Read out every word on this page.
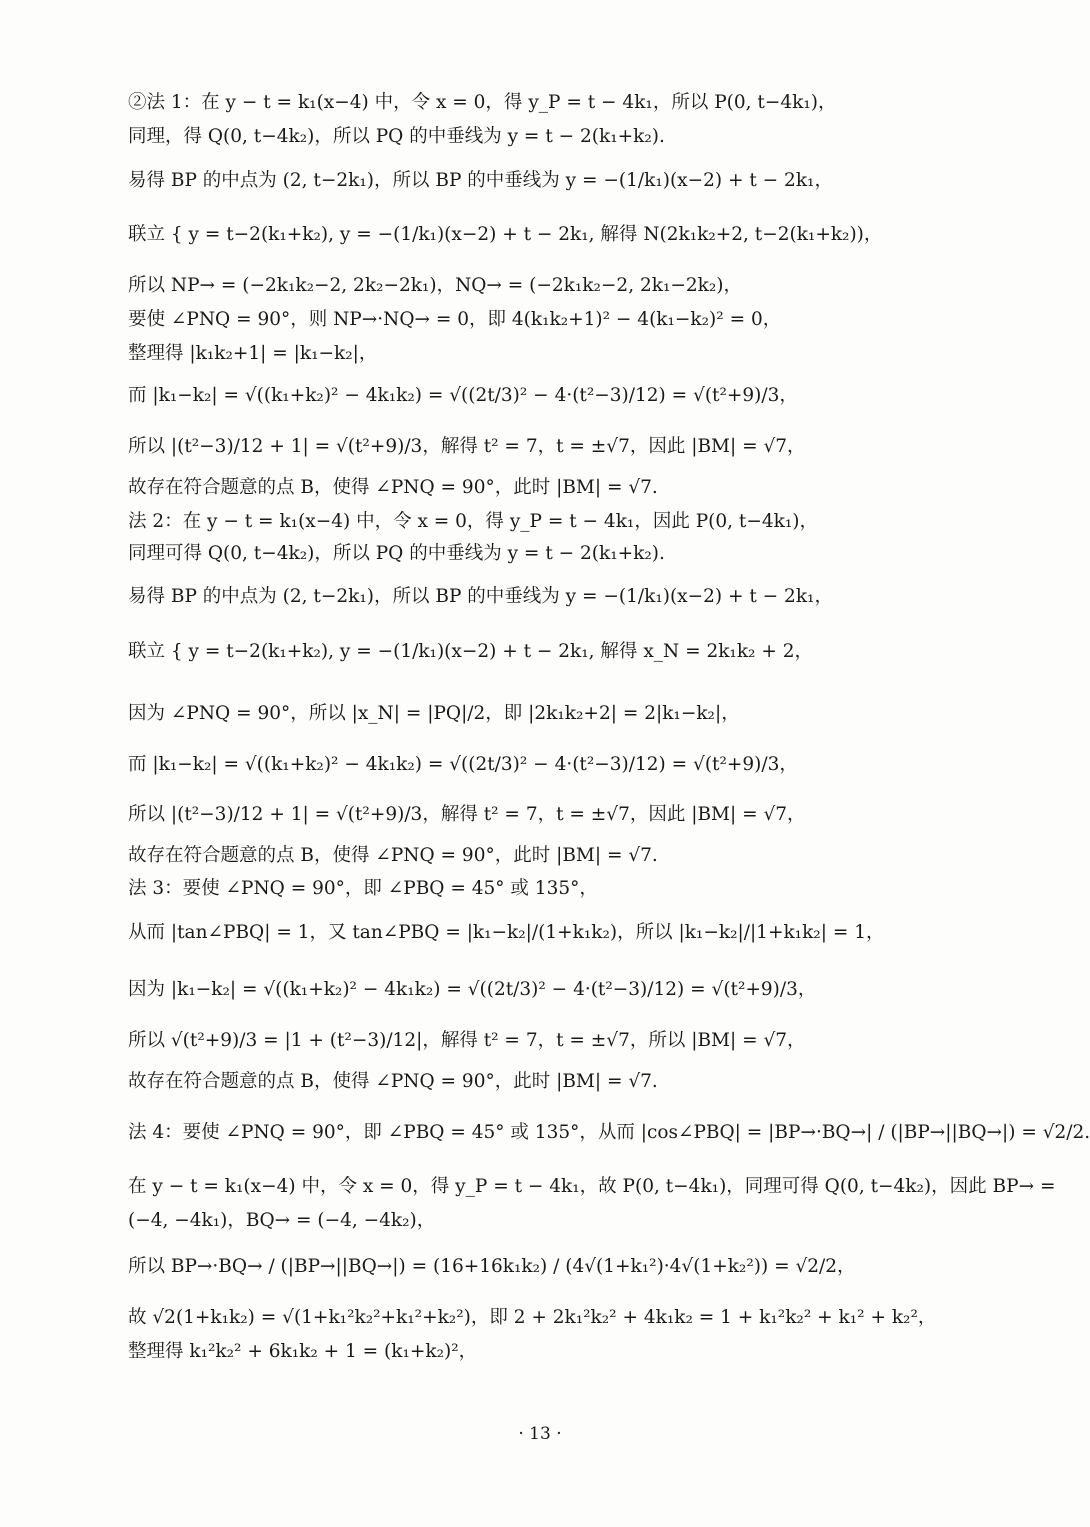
②法 1：在 y − t = k₁(x−4) 中，令 x = 0，得 y_P = t − 4k₁，所以 P(0, t−4k₁)，
同理，得 Q(0, t−4k₂)，所以 PQ 的中垂线为 y = t − 2(k₁+k₂).
易得 BP 的中点为 (2, t−2k₁)，所以 BP 的中垂线为 y = −(1/k₁)(x−2) + t − 2k₁，
联立 { y = t−2(k₁+k₂), y = −(1/k₁)(x−2) + t − 2k₁, 解得 N(2k₁k₂+2, t−2(k₁+k₂))，
所以 NP→ = (−2k₁k₂−2, 2k₂−2k₁)，NQ→ = (−2k₁k₂−2, 2k₁−2k₂)，
要使 ∠PNQ = 90°，则 NP→·NQ→ = 0，即 4(k₁k₂+1)² − 4(k₁−k₂)² = 0，
整理得 |k₁k₂+1| = |k₁−k₂|，
而 |k₁−k₂| = √((k₁+k₂)² − 4k₁k₂) = √((2t/3)² − 4·(t²−3)/12) = √(t²+9)/3，
所以 |(t²−3)/12 + 1| = √(t²+9)/3，解得 t² = 7，t = ±√7，因此 |BM| = √7，
故存在符合题意的点 B，使得 ∠PNQ = 90°，此时 |BM| = √7.
法 2：在 y − t = k₁(x−4) 中，令 x = 0，得 y_P = t − 4k₁，因此 P(0, t−4k₁)，
同理可得 Q(0, t−4k₂)，所以 PQ 的中垂线为 y = t − 2(k₁+k₂).
易得 BP 的中点为 (2, t−2k₁)，所以 BP 的中垂线为 y = −(1/k₁)(x−2) + t − 2k₁，
联立 { y = t−2(k₁+k₂), y = −(1/k₁)(x−2) + t − 2k₁, 解得 x_N = 2k₁k₂ + 2，
因为 ∠PNQ = 90°，所以 |x_N| = |PQ|/2，即 |2k₁k₂+2| = 2|k₁−k₂|，
而 |k₁−k₂| = √((k₁+k₂)² − 4k₁k₂) = √((2t/3)² − 4·(t²−3)/12) = √(t²+9)/3，
所以 |(t²−3)/12 + 1| = √(t²+9)/3，解得 t² = 7，t = ±√7，因此 |BM| = √7，
故存在符合题意的点 B，使得 ∠PNQ = 90°，此时 |BM| = √7.
法 3：要使 ∠PNQ = 90°，即 ∠PBQ = 45° 或 135°，
从而 |tan∠PBQ| = 1，又 tan∠PBQ = |k₁−k₂|/(1+k₁k₂)，所以 |k₁−k₂|/|1+k₁k₂| = 1，
因为 |k₁−k₂| = √((k₁+k₂)² − 4k₁k₂) = √((2t/3)² − 4·(t²−3)/12) = √(t²+9)/3，
所以 √(t²+9)/3 = |1 + (t²−3)/12|，解得 t² = 7，t = ±√7，所以 |BM| = √7，
故存在符合题意的点 B，使得 ∠PNQ = 90°，此时 |BM| = √7.
法 4：要使 ∠PNQ = 90°，即 ∠PBQ = 45° 或 135°，从而 |cos∠PBQ| = |BP→·BQ→| / (|BP→||BQ→|) = √2/2.
在 y − t = k₁(x−4) 中，令 x = 0，得 y_P = t − 4k₁，故 P(0, t−4k₁)，同理可得 Q(0, t−4k₂)，因此 BP→ =
(−4, −4k₁)，BQ→ = (−4, −4k₂)，
所以 BP→·BQ→ / (|BP→||BQ→|) = (16+16k₁k₂) / (4√(1+k₁²)·4√(1+k₂²)) = √2/2，
故 √2(1+k₁k₂) = √(1+k₁²k₂²+k₁²+k₂²)，即 2 + 2k₁²k₂² + 4k₁k₂ = 1 + k₁²k₂² + k₁² + k₂²，
整理得 k₁²k₂² + 6k₁k₂ + 1 = (k₁+k₂)²，
· 13 ·
